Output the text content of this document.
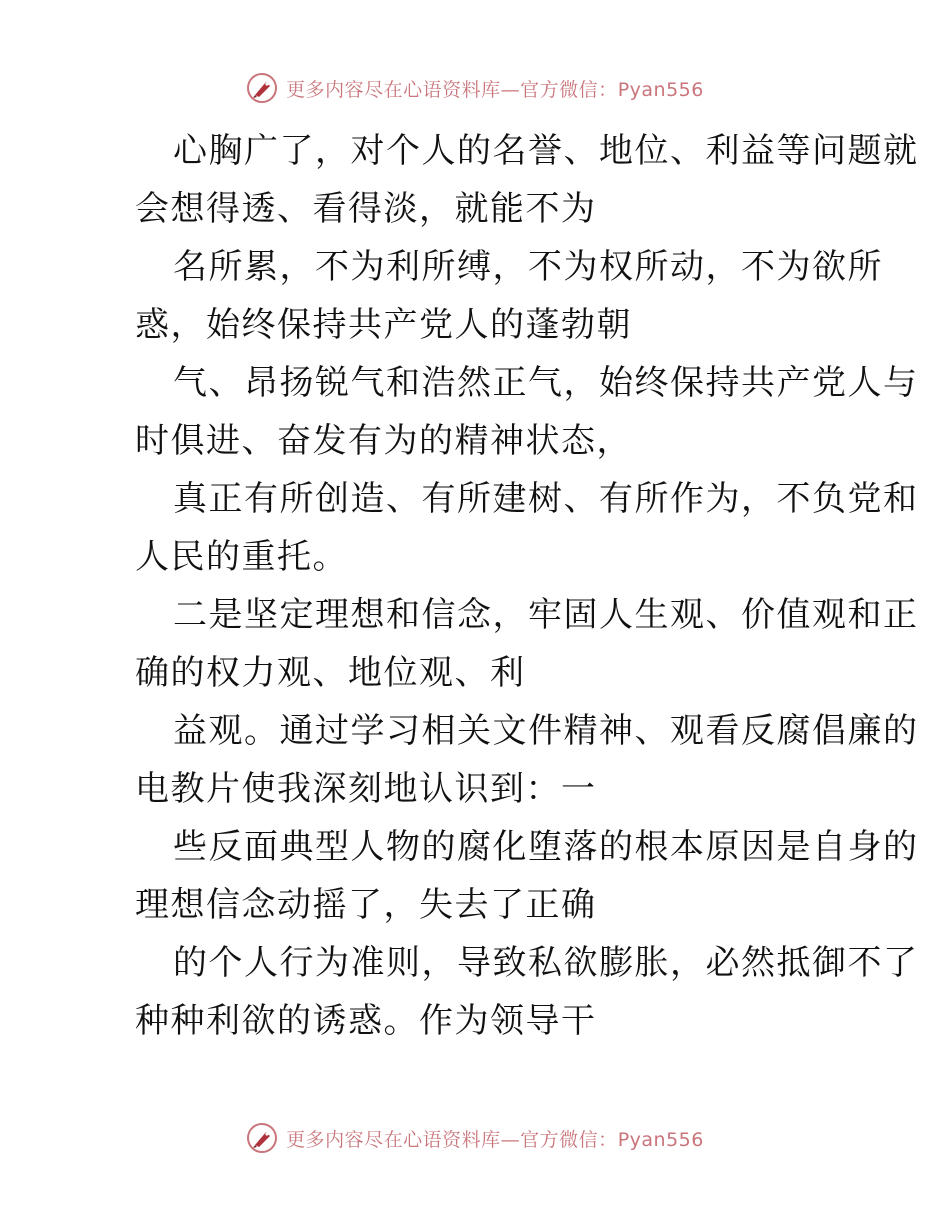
更多内容尽在心语资料库—官方微信：Pyan556
心胸广了，对个人的名誉、地位、利益等问题就
会想得透、看得淡，就能不为
名所累，不为利所缚，不为权所动，不为欲所
惑，始终保持共产党人的蓬勃朝
气、昂扬锐气和浩然正气，始终保持共产党人与
时俱进、奋发有为的精神状态，
真正有所创造、有所建树、有所作为，不负党和
人民的重托。
二是坚定理想和信念，牢固人生观、价值观和正
确的权力观、地位观、利
益观。通过学习相关文件精神、观看反腐倡廉的
电教片使我深刻地认识到：一
些反面典型人物的腐化堕落的根本原因是自身的
理想信念动摇了，失去了正确
的个人行为准则，导致私欲膨胀，必然抵御不了
种种利欲的诱惑。作为领导干
更多内容尽在心语资料库—官方微信：Pyan556
